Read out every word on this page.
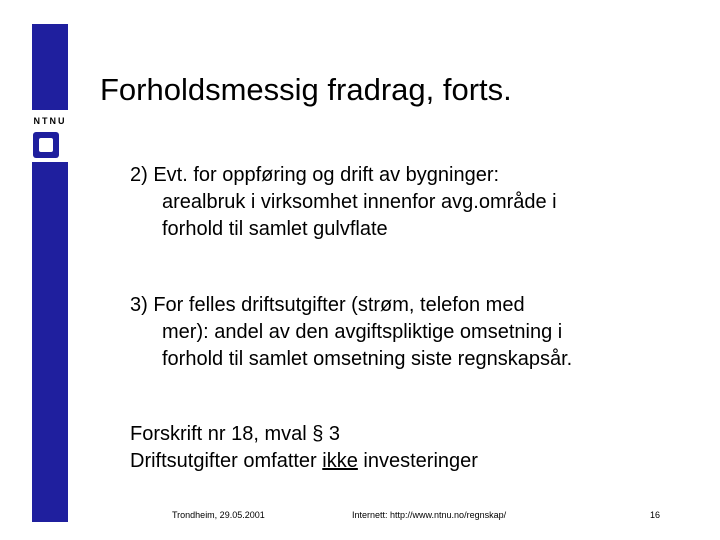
NTNU
Forholdsmessig fradrag, forts.
2) Evt. for oppføring og drift av bygninger:
arealbruk i virksomhet innenfor avg.område i
forhold til samlet gulvflate
3) For felles driftsutgifter (strøm, telefon med
mer): andel av den avgiftspliktige omsetning i
forhold til samlet omsetning siste regnskapsår.
Forskrift nr 18, mval § 3
Driftsutgifter omfatter ikke investeringer
Trondheim, 29.05.2001	Internett: http://www.ntnu.no/regnskap/	16
